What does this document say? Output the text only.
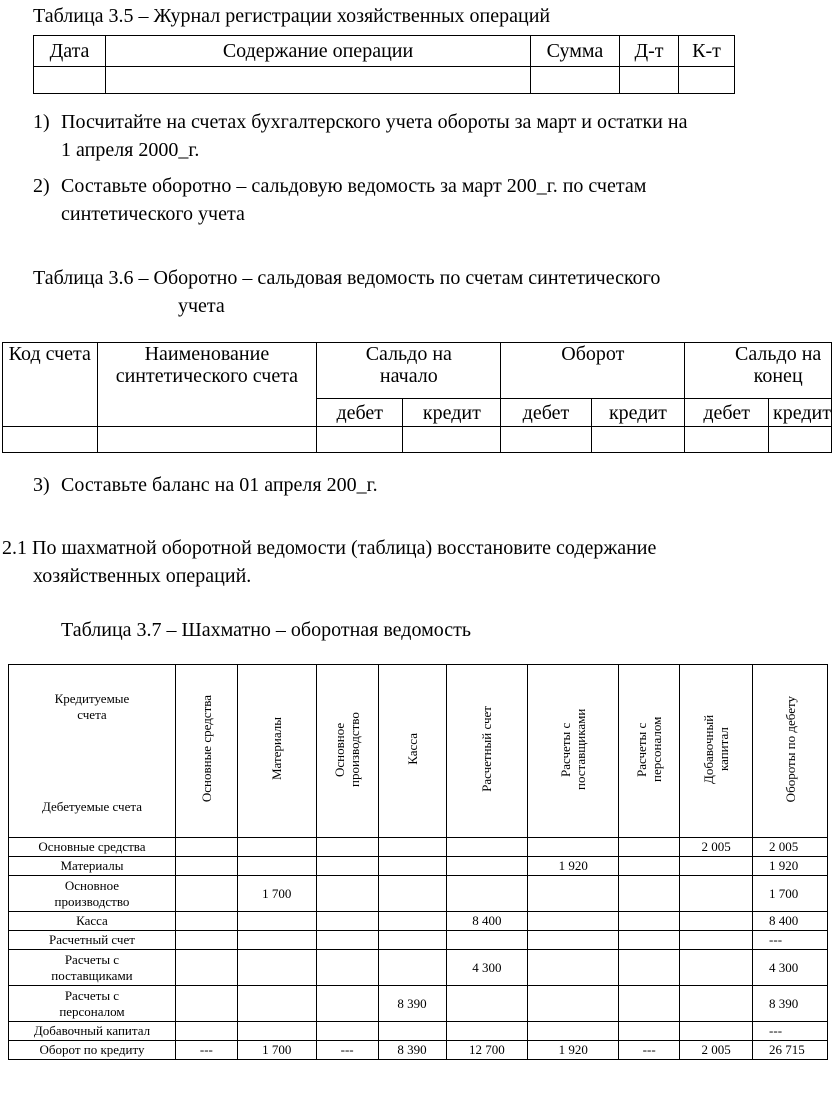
Таблица 3.5 – Журнал регистрации хозяйственных операций
Дата	Содержание операции	Сумма	Д-т	К-т

1) Посчитайте на счетах бухгалтерского учета обороты за март и остатки на
1 апреля 2000_г.
2) Составьте оборотно – сальдовую ведомость за март 200_г. по счетам
синтетического учета
Таблица 3.6 – Оборотно – сальдовая ведомость по счетам синтетического
учета
Код счета	Наименование синтетического счета	Сальдо на начало		Оборот		Сальдо на конец	
		дебет	кредит	дебет	кредит	дебет	кредит

3) Составьте баланс на 01 апреля 200_г.
2.1 По шахматной оборотной ведомости (таблица) восстановите содержание
хозяйственных операций.
Таблица 3.7 – Шахматно – оборотная ведомость
Кредитуемые счета	Основные средства	Материалы	Основное производство	Касса	Расчетный счет	Расчеты с поставщиками	Расчеты с персоналом	Добавочный капитал	Обороты по дебету
Дебетуемые счета									
Основные средства								2 005	2 005
Материалы						1 920			1 920
Основное производство		1 700							1 700
Касса					8 400				8 400
Расчетный счет									---
Расчеты с поставщиками					4 300				4 300
Расчеты с персоналом				8 390					8 390
Добавочный капитал									---
Оборот по кредиту	---	1 700	---	8 390	12 700	1 920	---	2 005	26 715
